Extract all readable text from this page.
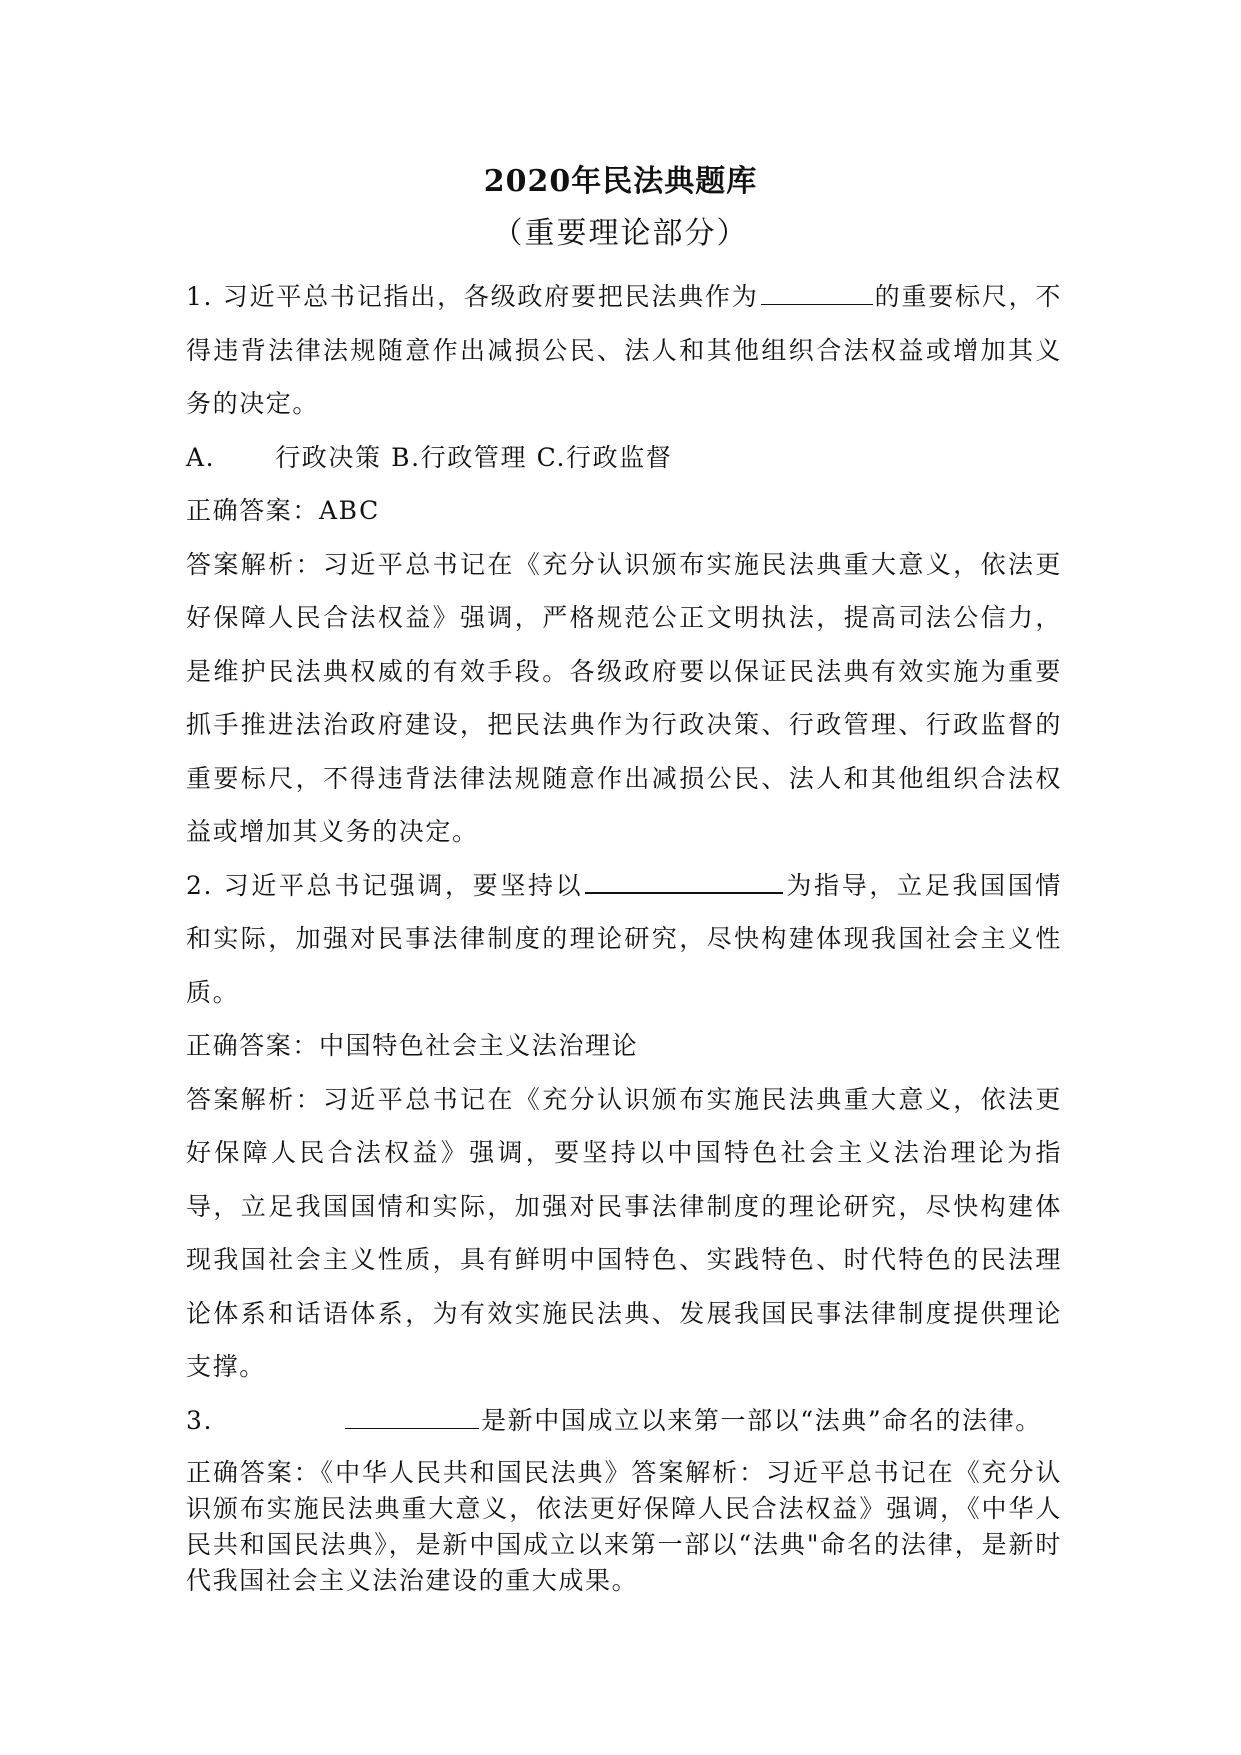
2020年民法典题库
（重要理论部分）

1. 习近平总书记指出，各级政府要把民法典作为	的重要标尺，不得违背法律法规随意作出减损公民、法人和其他组织合法权益或增加其义务的决定。

A. 行政决策 B.行政管理 C.行政监督

正确答案：ABC

答案解析：习近平总书记在《充分认识颁布实施民法典重大意义，依法更好保障人民合法权益》强调，严格规范公正文明执法，提高司法公信力，是维护民法典权威的有效手段。各级政府要以保证民法典有效实施为重要抓手推进法治政府建设，把民法典作为行政决策、行政管理、行政监督的重要标尺，不得违背法律法规随意作出减损公民、法人和其他组织合法权益或增加其义务的决定。

2. 习近平总书记强调，要坚持以	为指导，立足我国国情和实际，加强对民事法律制度的理论研究，尽快构建体现我国社会主义性质。

正确答案：中国特色社会主义法治理论

答案解析：习近平总书记在《充分认识颁布实施民法典重大意义，依法更好保障人民合法权益》强调，要坚持以中国特色社会主义法治理论为指导，立足我国国情和实际，加强对民事法律制度的理论研究，尽快构建体现我国社会主义性质，具有鲜明中国特色、实践特色、时代特色的民法理论体系和话语体系，为有效实施民法典、发展我国民事法律制度提供理论支撑。

3.	是新中国成立以来第一部以“法典”命名的法律。

正确答案：《中华人民共和国民法典》答案解析：习近平总书记在《充分认识颁布实施民法典重大意义，依法更好保障人民合法权益》强调，《中华人民共和国民法典》，是新中国成立以来第一部以“法典"命名的法律，是新时代我国社会主义法治建设的重大成果。
